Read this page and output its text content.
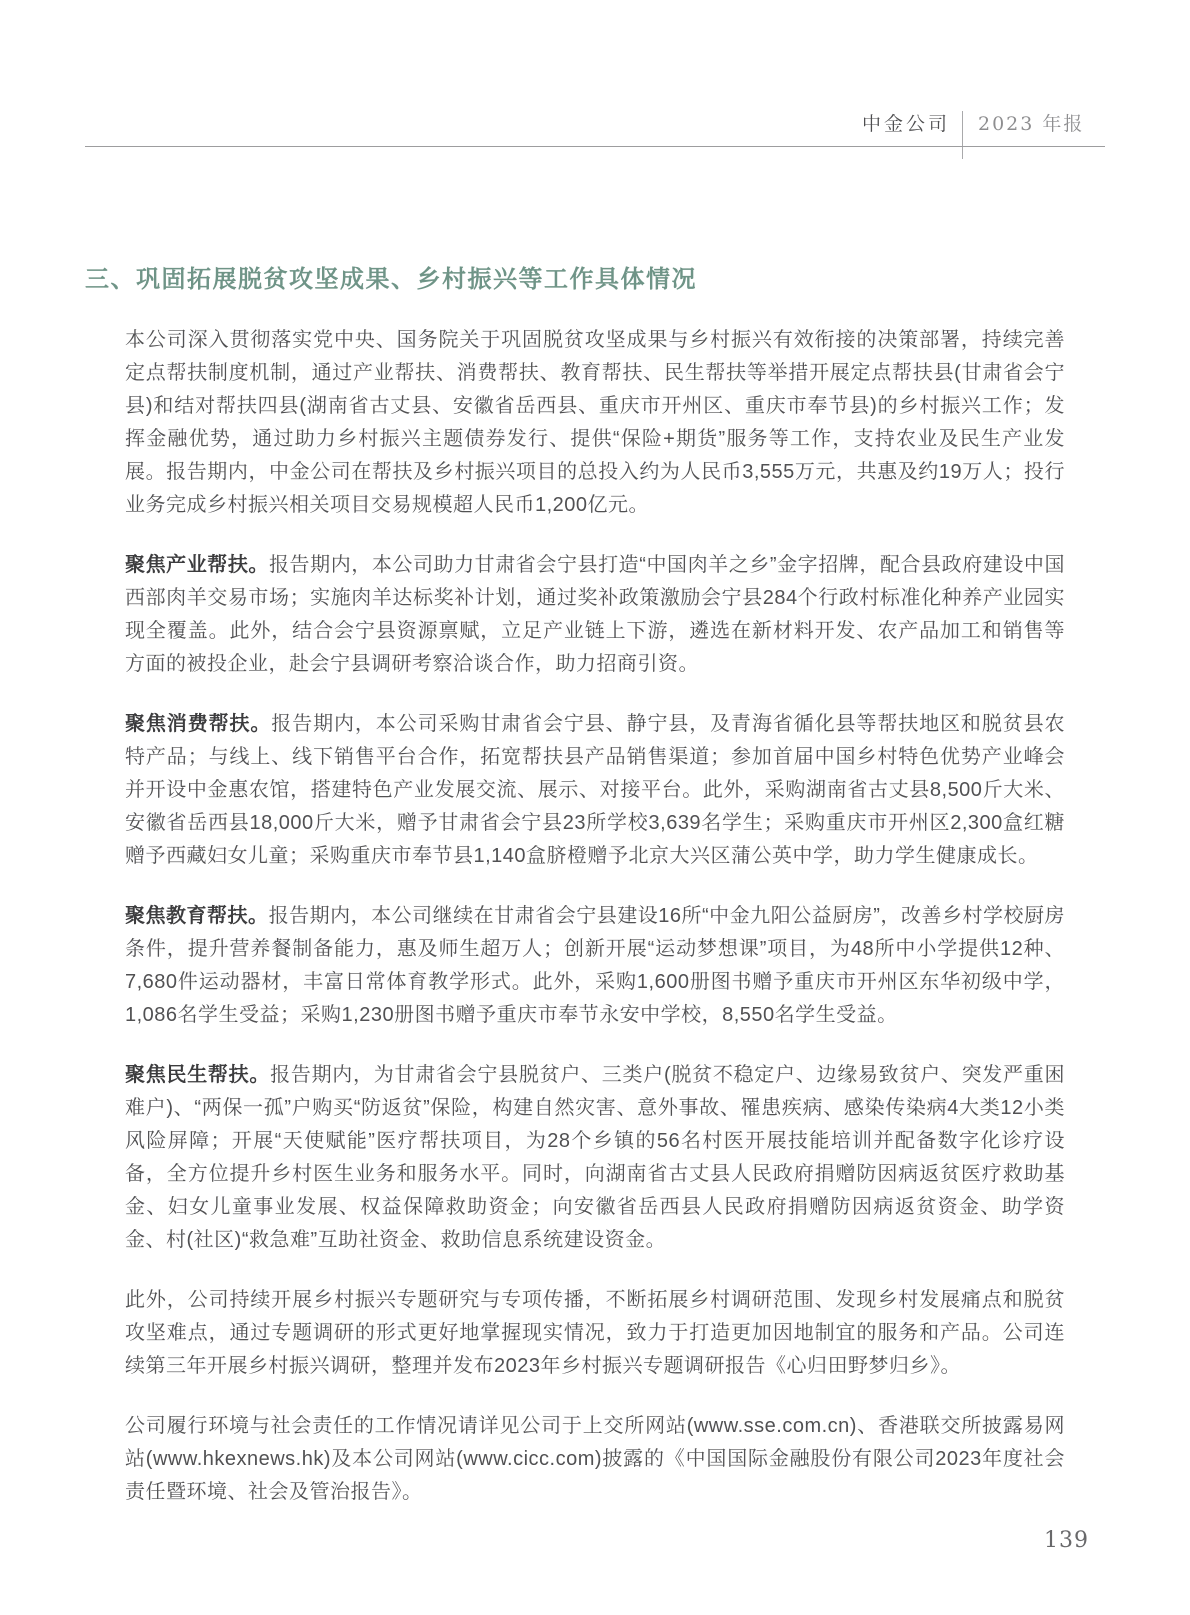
中金公司 2023 年报
三、巩固拓展脱贫攻坚成果、乡村振兴等工作具体情况

本公司深入贯彻落实党中央、国务院关于巩固脱贫攻坚成果与乡村振兴有效衔接的决策部署，持续完善定点帮扶制度机制，通过产业帮扶、消费帮扶、教育帮扶、民生帮扶等举措开展定点帮扶县(甘肃省会宁县)和结对帮扶四县(湖南省古丈县、安徽省岳西县、重庆市开州区、重庆市奉节县)的乡村振兴工作；发挥金融优势，通过助力乡村振兴主题债券发行、提供“保险+期货”服务等工作，支持农业及民生产业发展。报告期内，中金公司在帮扶及乡村振兴项目的总投入约为人民币3,555万元，共惠及约19万人；投行业务完成乡村振兴相关项目交易规模超人民币1,200亿元。

聚焦产业帮扶。报告期内，本公司助力甘肃省会宁县打造“中国肉羊之乡”金字招牌，配合县政府建设中国西部肉羊交易市场；实施肉羊达标奖补计划，通过奖补政策激励会宁县284个行政村标准化种养产业园实现全覆盖。此外，结合会宁县资源禀赋，立足产业链上下游，遴选在新材料开发、农产品加工和销售等方面的被投企业，赴会宁县调研考察洽谈合作，助力招商引资。

聚焦消费帮扶。报告期内，本公司采购甘肃省会宁县、静宁县，及青海省循化县等帮扶地区和脱贫县农特产品；与线上、线下销售平台合作，拓宽帮扶县产品销售渠道；参加首届中国乡村特色优势产业峰会并开设中金惠农馆，搭建特色产业发展交流、展示、对接平台。此外，采购湖南省古丈县8,500斤大米、安徽省岳西县18,000斤大米，赠予甘肃省会宁县23所学校3,639名学生；采购重庆市开州区2,300盒红糖赠予西藏妇女儿童；采购重庆市奉节县1,140盒脐橙赠予北京大兴区蒲公英中学，助力学生健康成长。

聚焦教育帮扶。报告期内，本公司继续在甘肃省会宁县建设16所“中金九阳公益厨房”，改善乡村学校厨房条件，提升营养餐制备能力，惠及师生超万人；创新开展“运动梦想课”项目，为48所中小学提供12种、7,680件运动器材，丰富日常体育教学形式。此外，采购1,600册图书赠予重庆市开州区东华初级中学，1,086名学生受益；采购1,230册图书赠予重庆市奉节永安中学校，8,550名学生受益。

聚焦民生帮扶。报告期内，为甘肃省会宁县脱贫户、三类户(脱贫不稳定户、边缘易致贫户、突发严重困难户)、“两保一孤”户购买“防返贫”保险，构建自然灾害、意外事故、罹患疾病、感染传染病4大类12小类风险屏障；开展“天使赋能”医疗帮扶项目，为28个乡镇的56名村医开展技能培训并配备数字化诊疗设备，全方位提升乡村医生业务和服务水平。同时，向湖南省古丈县人民政府捐赠防因病返贫医疗救助基金、妇女儿童事业发展、权益保障救助资金；向安徽省岳西县人民政府捐赠防因病返贫资金、助学资金、村(社区)“救急难”互助社资金、救助信息系统建设资金。

此外，公司持续开展乡村振兴专题研究与专项传播，不断拓展乡村调研范围、发现乡村发展痛点和脱贫攻坚难点，通过专题调研的形式更好地掌握现实情况，致力于打造更加因地制宜的服务和产品。公司连续第三年开展乡村振兴调研，整理并发布2023年乡村振兴专题调研报告《心归田野梦归乡》。

公司履行环境与社会责任的工作情况请详见公司于上交所网站(www.sse.com.cn)、香港联交所披露易网站(www.hkexnews.hk)及本公司网站(www.cicc.com)披露的《中国国际金融股份有限公司2023年度社会责任暨环境、社会及管治报告》。

139
